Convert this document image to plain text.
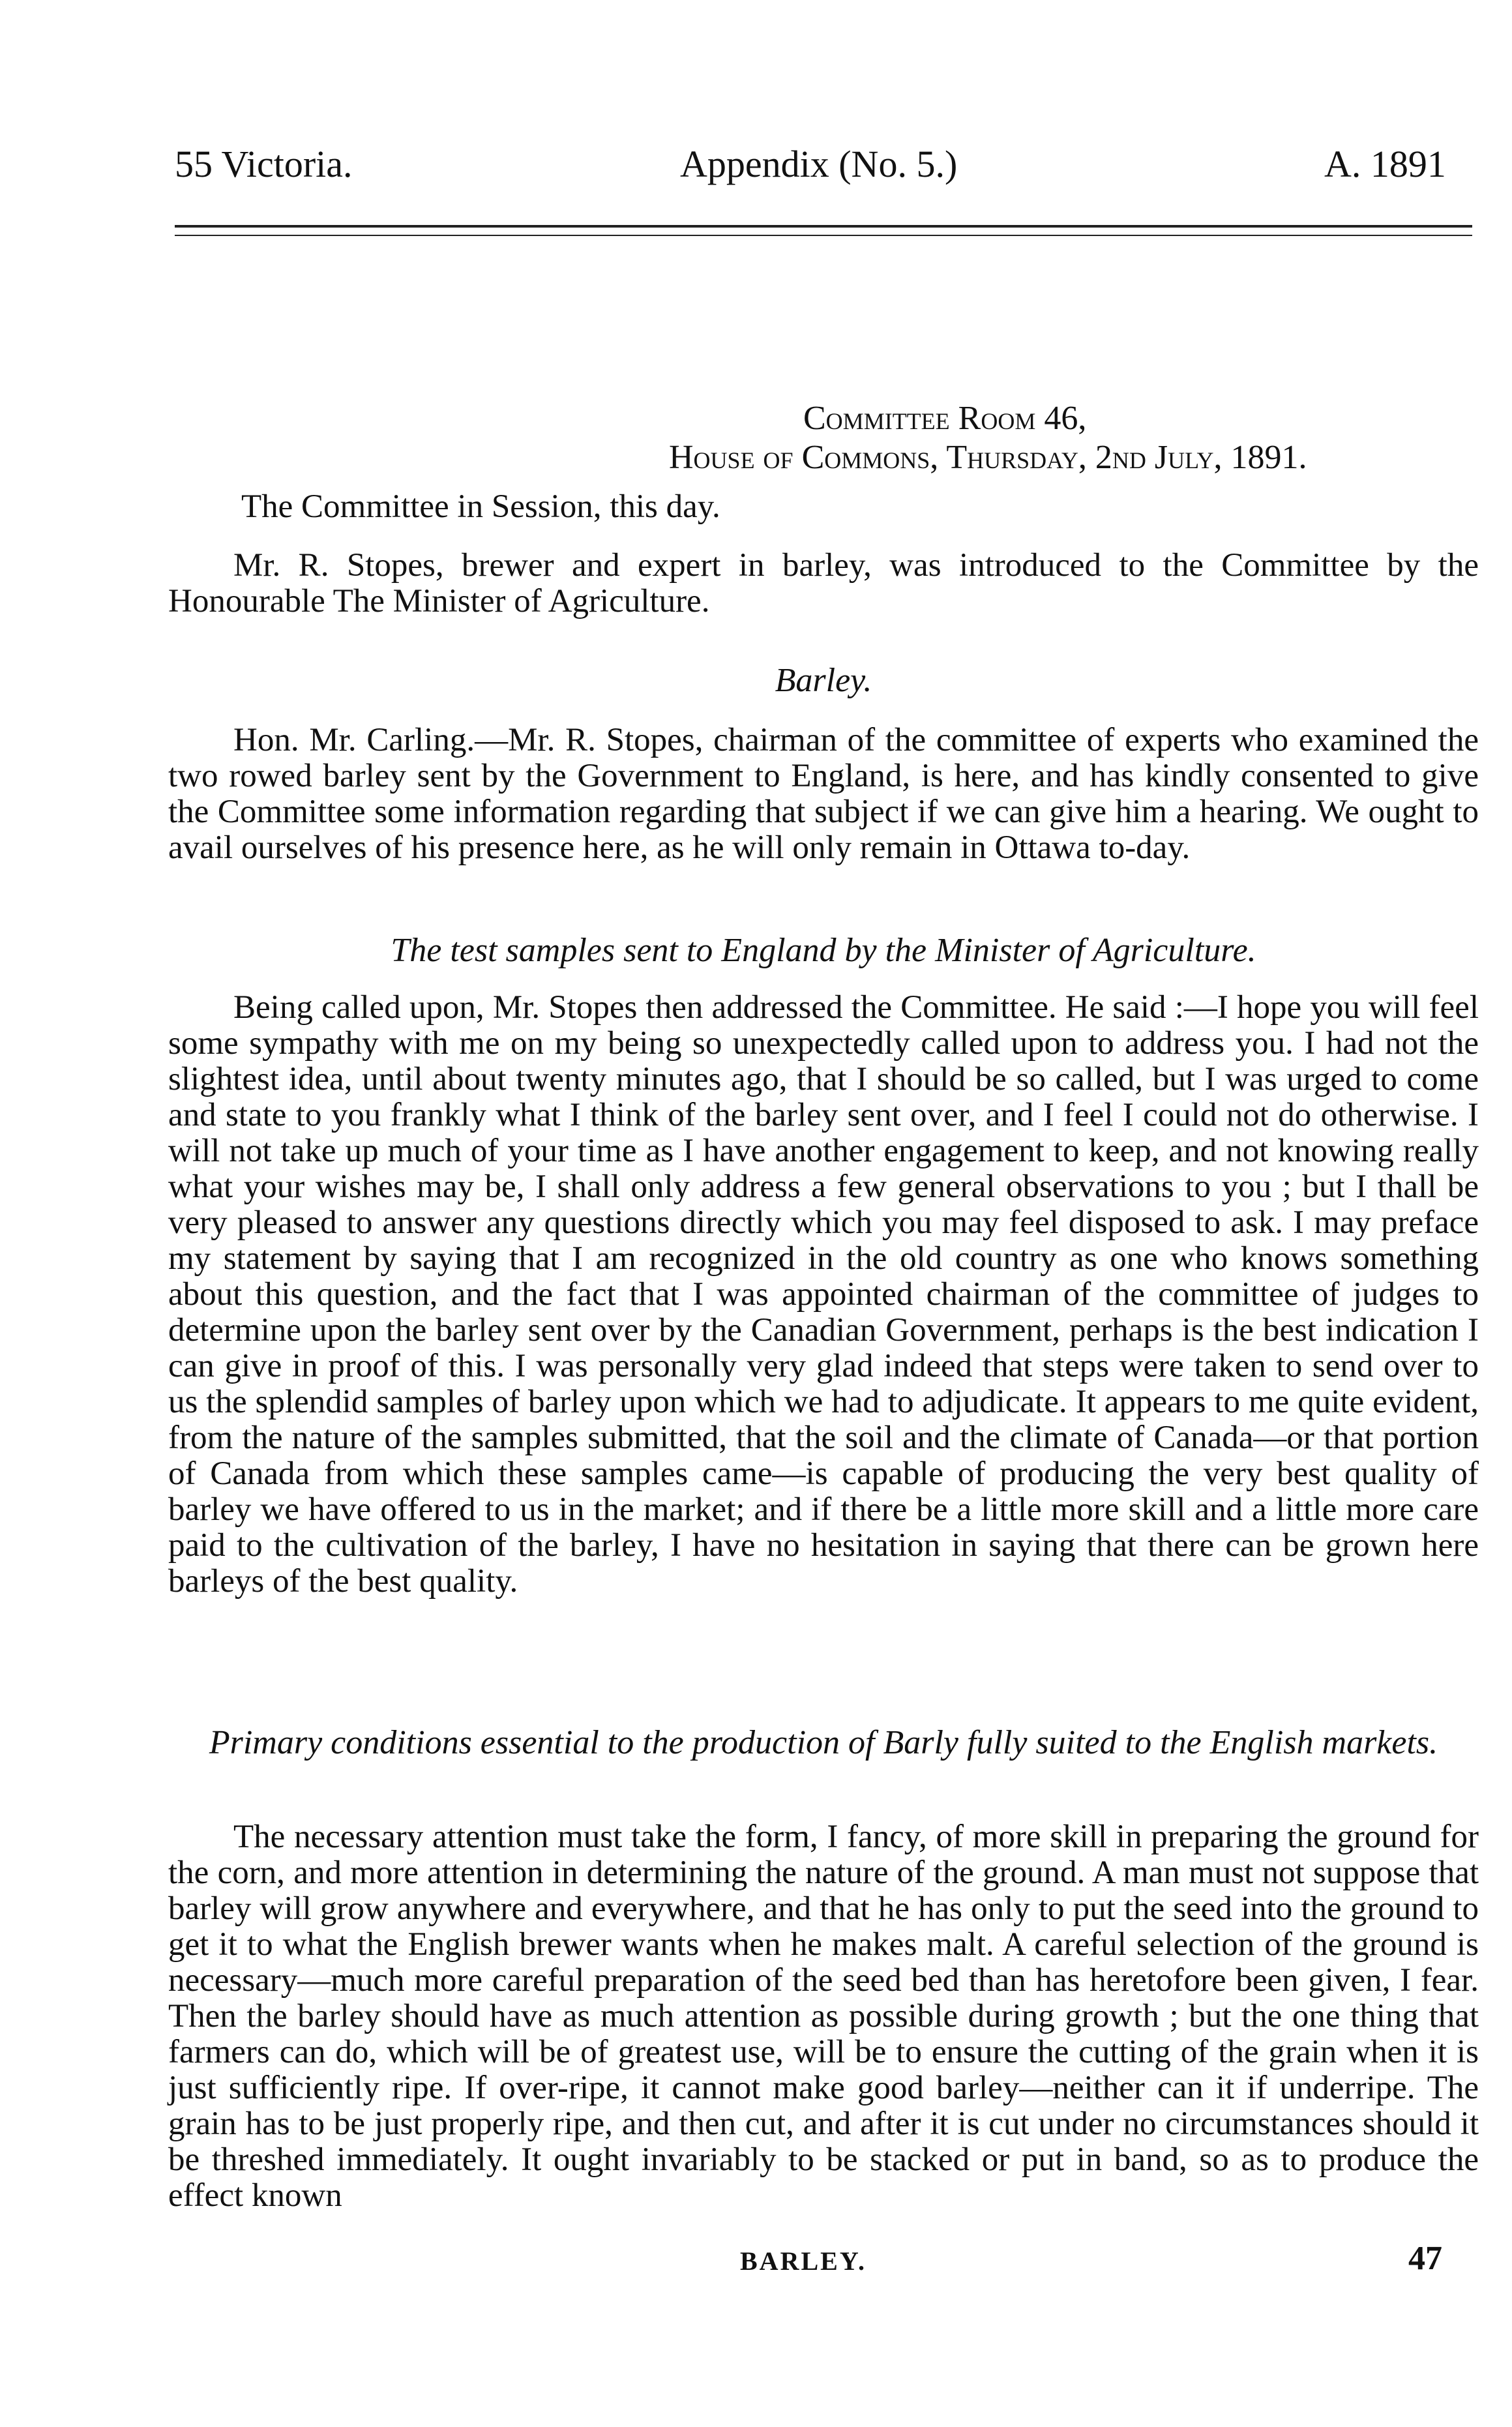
55 Victoria.	Appendix (No. 5.)	A. 1891
Committee Room 46,
House of Commons, Thursday, 2nd July, 1891.
The Committee in Session, this day.

Mr. R. Stopes, brewer and expert in barley, was introduced to the Committee by the Honourable The Minister of Agriculture.

Barley.

Hon. Mr. Carling.—Mr. R. Stopes, chairman of the committee of experts who examined the two rowed barley sent by the Government to England, is here, and has kindly consented to give the Committee some information regarding that subject if we can give him a hearing. We ought to avail ourselves of his presence here, as he will only remain in Ottawa to-day.

The test samples sent to England by the Minister of Agriculture.

Being called upon, Mr. Stopes then addressed the Committee. He said :—I hope you will feel some sympathy with me on my being so unexpectedly called upon to address you. I had not the slightest idea, until about twenty minutes ago, that I should be so called, but I was urged to come and state to you frankly what I think of the barley sent over, and I feel I could not do otherwise. I will not take up much of your time as I have another engagement to keep, and not knowing really what your wishes may be, I shall only address a few general observations to you ; but I thall be very pleased to answer any questions directly which you may feel disposed to ask. I may preface my statement by saying that I am recognized in the old country as one who knows something about this question, and the fact that I was appointed chairman of the committee of judges to determine upon the barley sent over by the Canadian Government, perhaps is the best indication I can give in proof of this. I was personally very glad indeed that steps were taken to send over to us the splendid samples of barley upon which we had to adjudicate. It appears to me quite evident, from the nature of the samples submitted, that the soil and the climate of Canada—or that portion of Canada from which these samples came—is capable of producing the very best quality of barley we have offered to us in the market; and if there be a little more skill and a little more care paid to the cultivation of the barley, I have no hesitation in saying that there can be grown here barleys of the best quality.

Primary conditions essential to the production of Barly fully suited to the English markets.

The necessary attention must take the form, I fancy, of more skill in preparing the ground for the corn, and more attention in determining the nature of the ground. A man must not suppose that barley will grow anywhere and everywhere, and that he has only to put the seed into the ground to get it to what the English brewer wants when he makes malt. A careful selection of the ground is necessary—much more careful preparation of the seed bed than has heretofore been given, I fear. Then the barley should have as much attention as possible during growth ; but the one thing that farmers can do, which will be of greatest use, will be to ensure the cutting of the grain when it is just sufficiently ripe. If over-ripe, it cannot make good barley—neither can it if underripe. The grain has to be just properly ripe, and then cut, and after it is cut under no circumstances should it be threshed immediately. It ought invariably to be stacked or put in band, so as to produce the effect known

BARLEY.	47
